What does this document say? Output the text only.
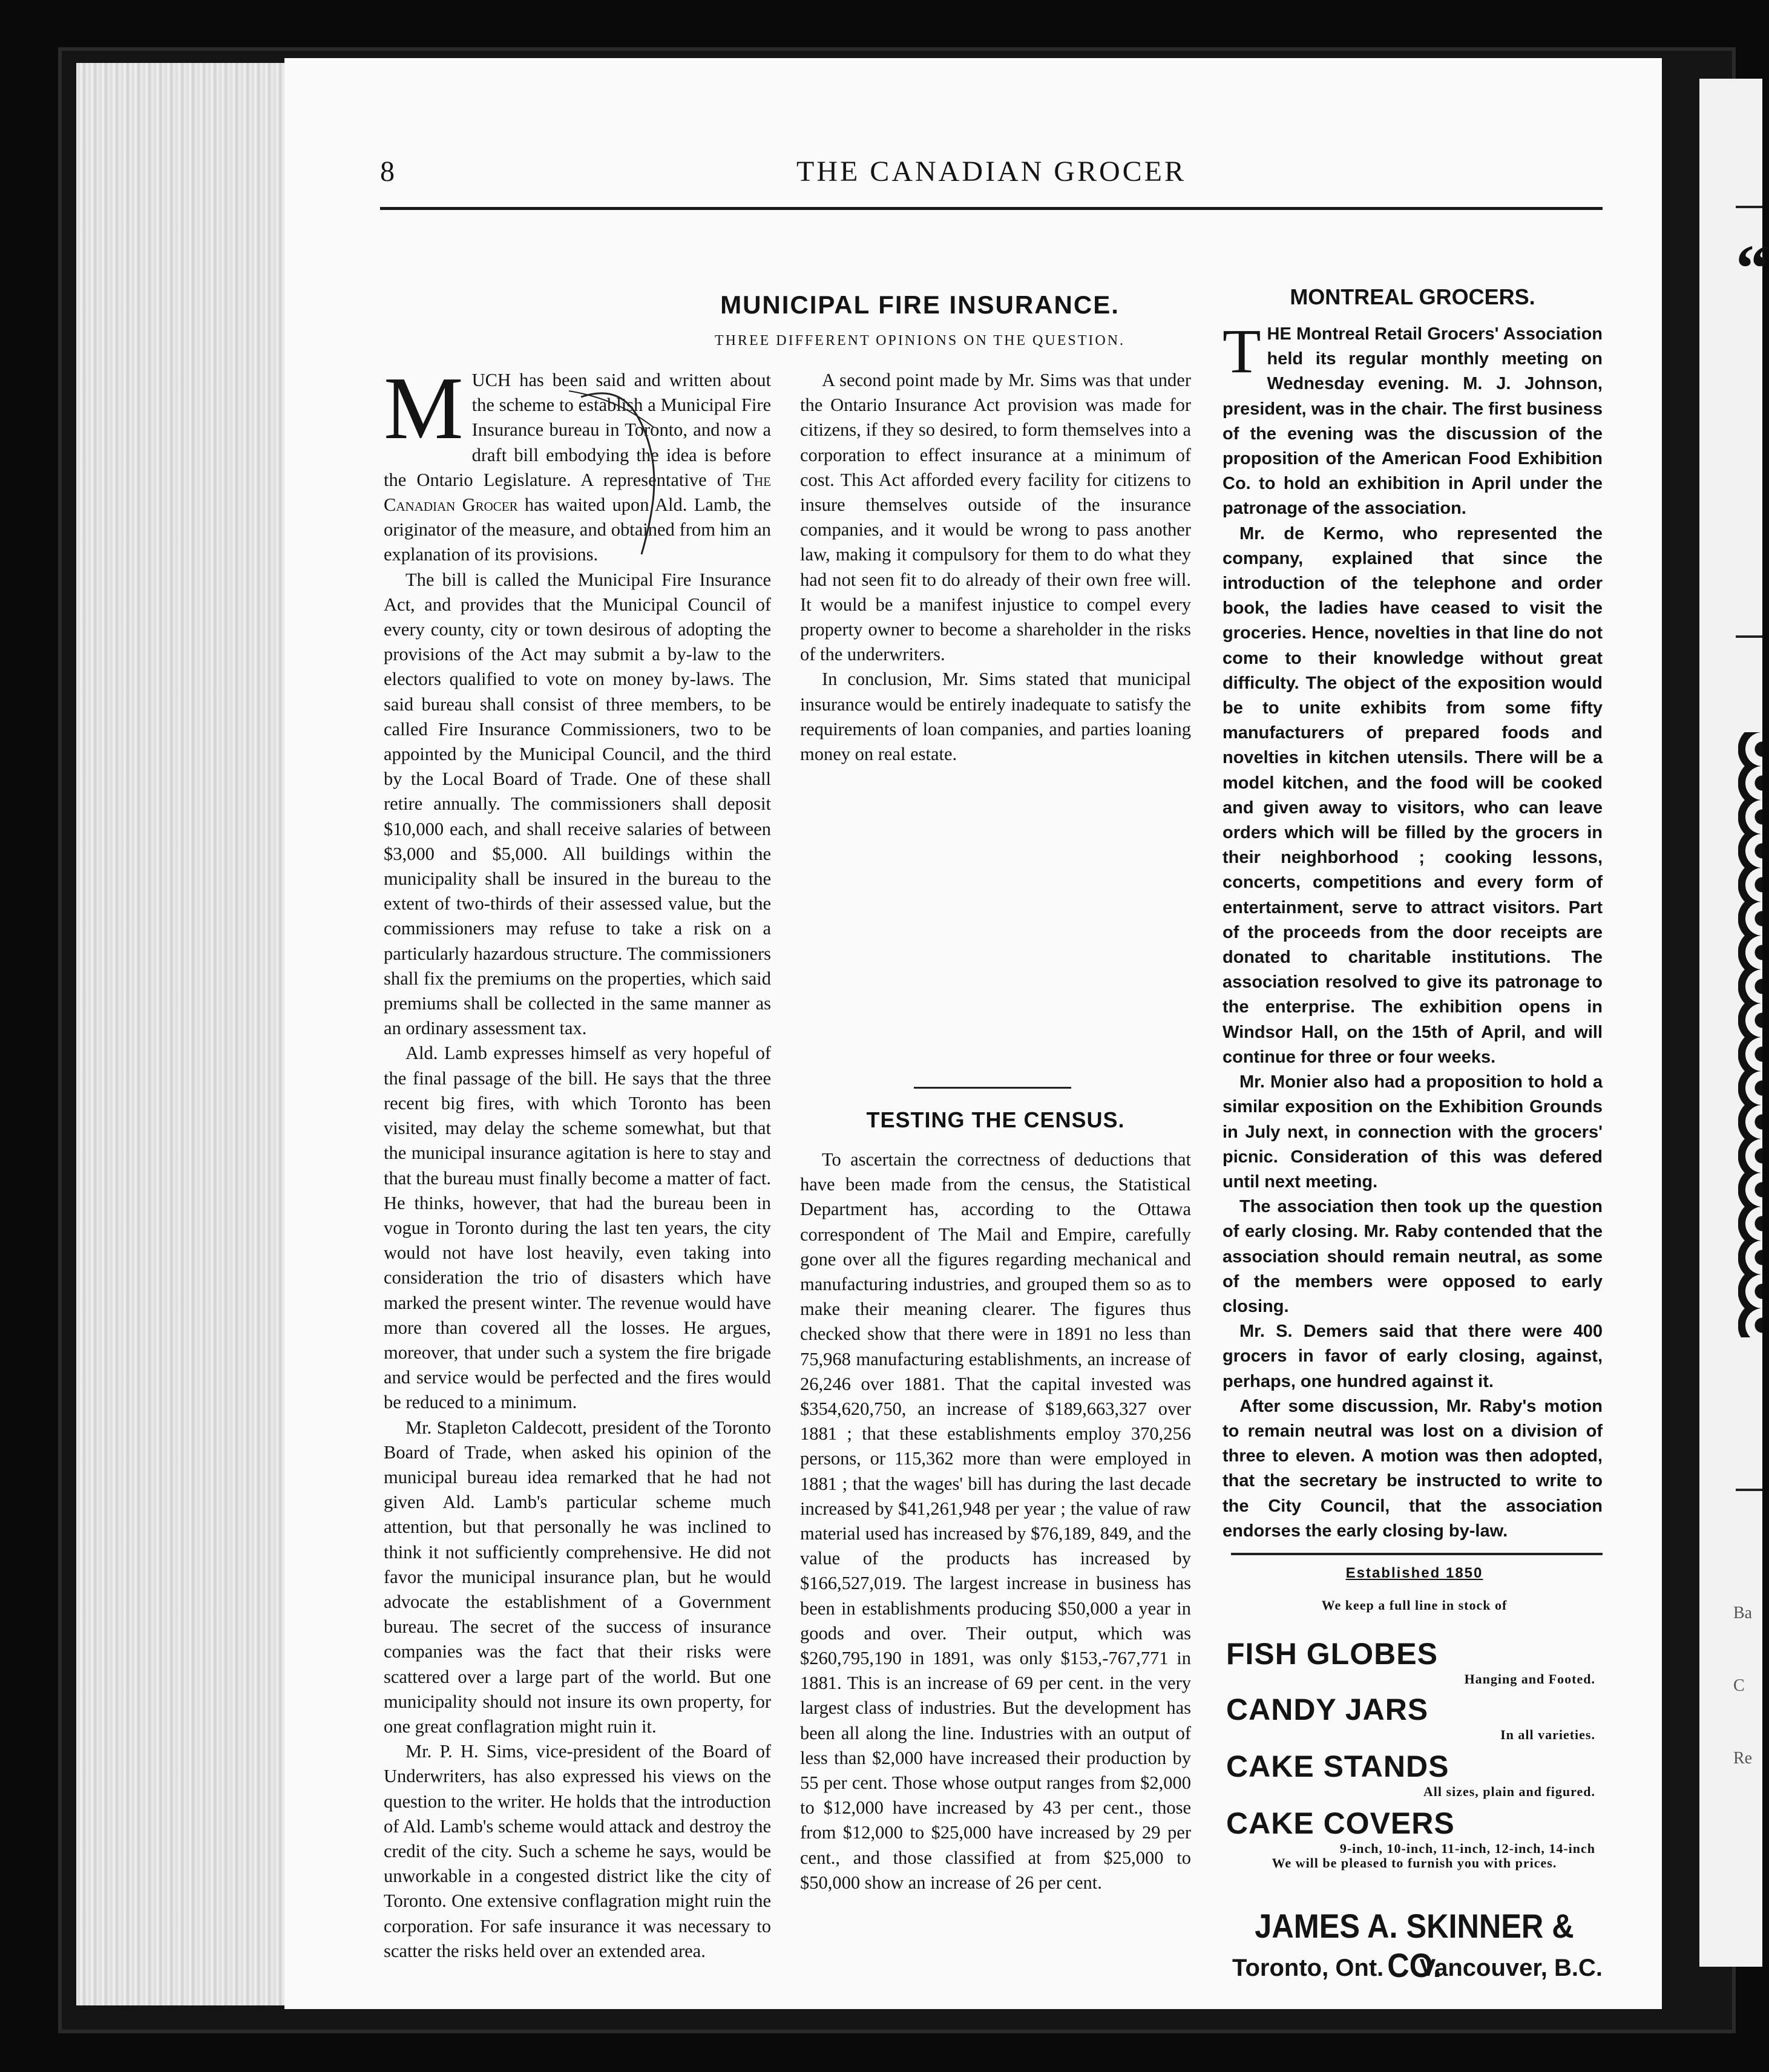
“
Ba
C
Re
8	THE CANADIAN GROCER
MUNICIPAL FIRE INSURANCE.
THREE DIFFERENT OPINIONS ON THE QUESTION.

MUCH has been said and written about the scheme to establish a Municipal Fire Insurance bureau in Toronto, and now a draft bill embodying the idea is before the Ontario Legislature. A representative of The Canadian Grocer has waited upon Ald. Lamb, the originator of the measure, and obtained from him an explanation of its provisions.

The bill is called the Municipal Fire Insurance Act, and provides that the Municipal Council of every county, city or town desirous of adopting the provisions of the Act may submit a by-law to the electors qualified to vote on money by-laws. The said bureau shall consist of three members, to be called Fire Insurance Commissioners, two to be appointed by the Municipal Council, and the third by the Local Board of Trade. One of these shall retire annually. The commissioners shall deposit $10,000 each, and shall receive salaries of between $3,000 and $5,000. All buildings within the municipality shall be insured in the bureau to the extent of two-thirds of their assessed value, but the commissioners may refuse to take a risk on a particularly hazardous structure. The commissioners shall fix the premiums on the properties, which said premiums shall be collected in the same manner as an ordinary assessment tax.

Ald. Lamb expresses himself as very hopeful of the final passage of the bill. He says that the three recent big fires, with which Toronto has been visited, may delay the scheme somewhat, but that the municipal insurance agitation is here to stay and that the bureau must finally become a matter of fact. He thinks, however, that had the bureau been in vogue in Toronto during the last ten years, the city would not have lost heavily, even taking into consideration the trio of disasters which have marked the present winter. The revenue would have more than covered all the losses. He argues, moreover, that under such a system the fire brigade and service would be perfected and the fires would be reduced to a minimum.

Mr. Stapleton Caldecott, president of the Toronto Board of Trade, when asked his opinion of the municipal bureau idea remarked that he had not given Ald. Lamb's particular scheme much attention, but that personally he was inclined to think it not sufficiently comprehensive. He did not favor the municipal insurance plan, but he would advocate the establishment of a Government bureau. The secret of the success of insurance companies was the fact that their risks were scattered over a large part of the world. But one municipality should not insure its own property, for one great conflagration might ruin it.

Mr. P. H. Sims, vice-president of the Board of Underwriters, has also expressed his views on the question to the writer. He holds that the introduction of Ald. Lamb's scheme would attack and destroy the credit of the city. Such a scheme he says, would be unworkable in a congested district like the city of Toronto. One extensive conflagration might ruin the corporation. For safe insurance it was necessary to scatter the risks held over an extended area.

A second point made by Mr. Sims was that under the Ontario Insurance Act provision was made for citizens, if they so desired, to form themselves into a corporation to effect insurance at a minimum of cost. This Act afforded every facility for citizens to insure themselves outside of the insurance companies, and it would be wrong to pass another law, making it compulsory for them to do what they had not seen fit to do already of their own free will. It would be a manifest injustice to compel every property owner to become a shareholder in the risks of the underwriters.

In conclusion, Mr. Sims stated that municipal insurance would be entirely inadequate to satisfy the requirements of loan companies, and parties loaning money on real estate.

TESTING THE CENSUS.

To ascertain the correctness of deductions that have been made from the census, the Statistical Department has, according to the Ottawa correspondent of The Mail and Empire, carefully gone over all the figures regarding mechanical and manufacturing industries, and grouped them so as to make their meaning clearer. The figures thus checked show that there were in 1891 no less than 75,968 manufacturing establishments, an increase of 26,246 over 1881. That the capital invested was $354,620,750, an increase of $189,663,327 over 1881 ; that these establishments employ 370,256 persons, or 115,362 more than were employed in 1881 ; that the wages' bill has during the last decade increased by $41,261,948 per year ; the value of raw material used has increased by $76,189, 849, and the value of the products has increased by $166,527,019. The largest increase in business has been in establishments producing $50,000 a year in goods and over. Their output, which was $260,795,190 in 1891, was only $153,-767,771 in 1881. This is an increase of 69 per cent. in the very largest class of industries. But the development has been all along the line. Industries with an output of less than $2,000 have increased their production by 55 per cent. Those whose output ranges from $2,000 to $12,000 have increased by 43 per cent., those from $12,000 to $25,000 have increased by 29 per cent., and those classified at from $25,000 to $50,000 show an increase of 26 per cent.

MONTREAL GROCERS.

THE Montreal Retail Grocers' Association held its regular monthly meeting on Wednesday evening. M. J. Johnson, president, was in the chair. The first business of the evening was the discussion of the proposition of the American Food Exhibition Co. to hold an exhibition in April under the patronage of the association.

Mr. de Kermo, who represented the company, explained that since the introduction of the telephone and order book, the ladies have ceased to visit the groceries. Hence, novelties in that line do not come to their knowledge without great difficulty. The object of the exposition would be to unite exhibits from some fifty manufacturers of prepared foods and novelties in kitchen utensils. There will be a model kitchen, and the food will be cooked and given away to visitors, who can leave orders which will be filled by the grocers in their neighborhood ; cooking lessons, concerts, competitions and every form of entertainment, serve to attract visitors. Part of the proceeds from the door receipts are donated to charitable institutions. The association resolved to give its patronage to the enterprise. The exhibition opens in Windsor Hall, on the 15th of April, and will continue for three or four weeks.

Mr. Monier also had a proposition to hold a similar exposition on the Exhibition Grounds in July next, in connection with the grocers' picnic. Consideration of this was defered until next meeting.

The association then took up the question of early closing. Mr. Raby contended that the association should remain neutral, as some of the members were opposed to early closing.

Mr. S. Demers said that there were 400 grocers in favor of early closing, against, perhaps, one hundred against it.

After some discussion, Mr. Raby's motion to remain neutral was lost on a division of three to eleven. A motion was then adopted, that the secretary be instructed to write to the City Council, that the association endorses the early closing by-law.

Established 1850
We keep a full line in stock of
FISH GLOBES
Hanging and Footed.
CANDY JARS
In all varieties.
CAKE STANDS
All sizes, plain and figured.
CAKE COVERS
9-inch, 10-inch, 11-inch, 12-inch, 14-inch
We will be pleased to furnish you with prices.
JAMES A. SKINNER & CO.
Toronto, Ont. Vancouver, B.C.
